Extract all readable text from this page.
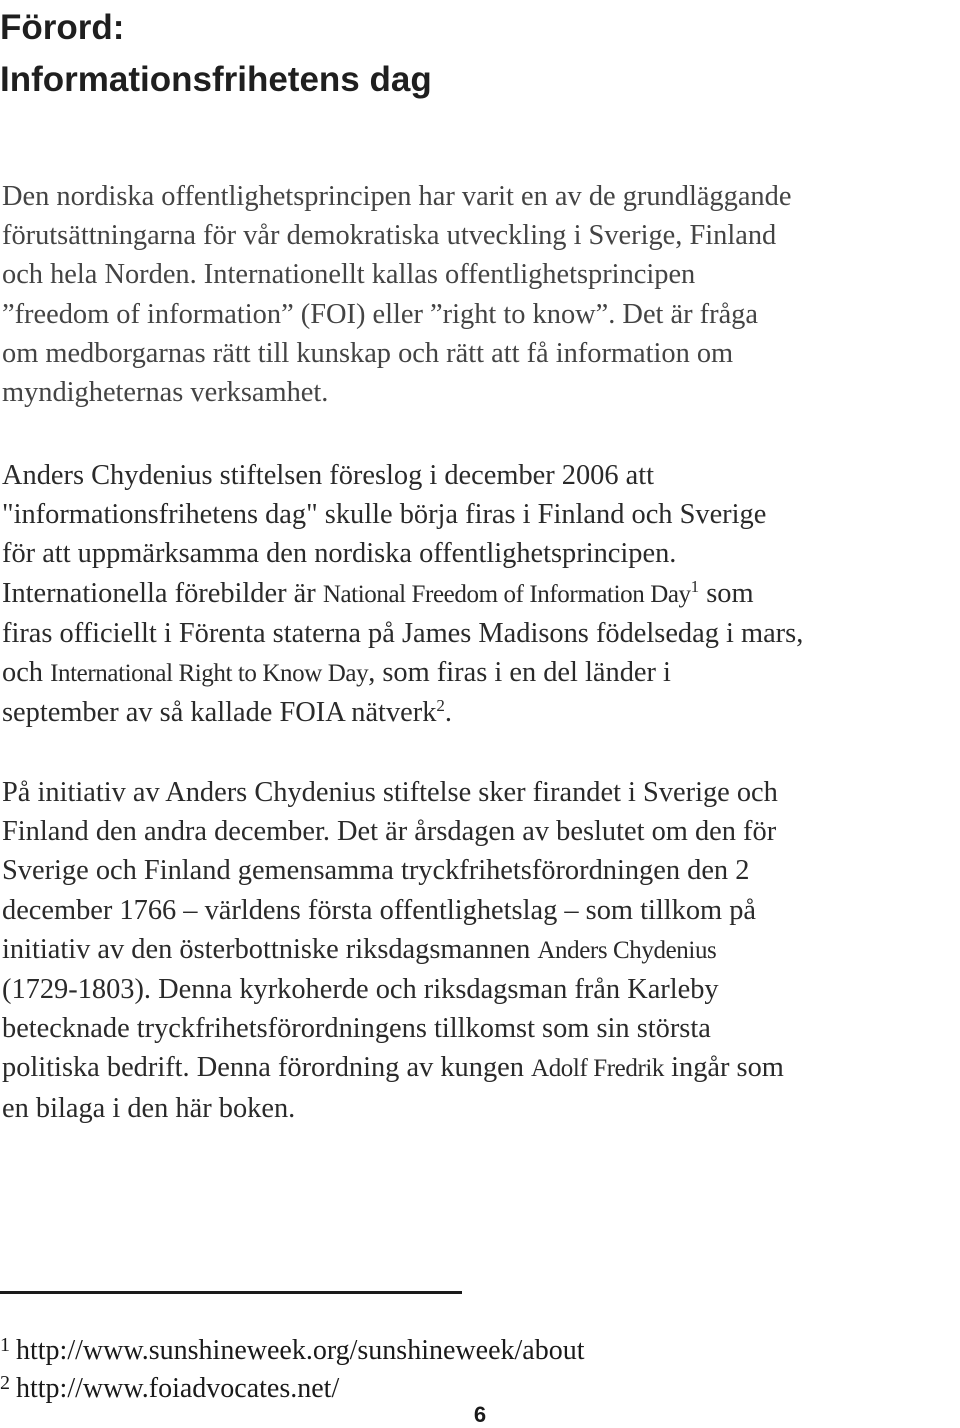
Förord:
Informationsfrihetens dag

Den nordiska offentlighetsprincipen har varit en av de grundläggande
förutsättningarna för vår demokratiska utveckling i Sverige, Finland
och hela Norden. Internationellt kallas offentlighetsprincipen
”freedom of information” (FOI) eller ”right to know”. Det är fråga
om medborgarnas rätt till kunskap och rätt att få information om
myndigheternas verksamhet.

Anders Chydenius stiftelsen föreslog i december 2006 att
"informationsfrihetens dag" skulle börja firas i Finland och Sverige
för att uppmärksamma den nordiska offentlighetsprincipen.
Internationella förebilder är National Freedom of Information Day$^1$ som
firas officiellt i Förenta staterna på James Madisons födelsedag i mars,
och International Right to Know Day, som firas i en del länder i
september av så kallade FOIA nätverk$^2$.

På initiativ av Anders Chydenius stiftelse sker firandet i Sverige och
Finland den andra december. Det är årsdagen av beslutet om den för
Sverige och Finland gemensamma tryckfrihetsförordningen den 2
december 1766 – världens första offentlighetslag – som tillkom på
initiativ av den österbottniske riksdagsmannen Anders Chydenius
(1729-1803). Denna kyrkoherde och riksdagsman från Karleby
betecknade tryckfrihetsförordningens tillkomst som sin största
politiska bedrift. Denna förordning av kungen Adolf Fredrik ingår som
en bilaga i den här boken.

$^1$ http://www.sunshineweek.org/sunshineweek/about

$^2$ http://www.foiadvocates.net/

6
